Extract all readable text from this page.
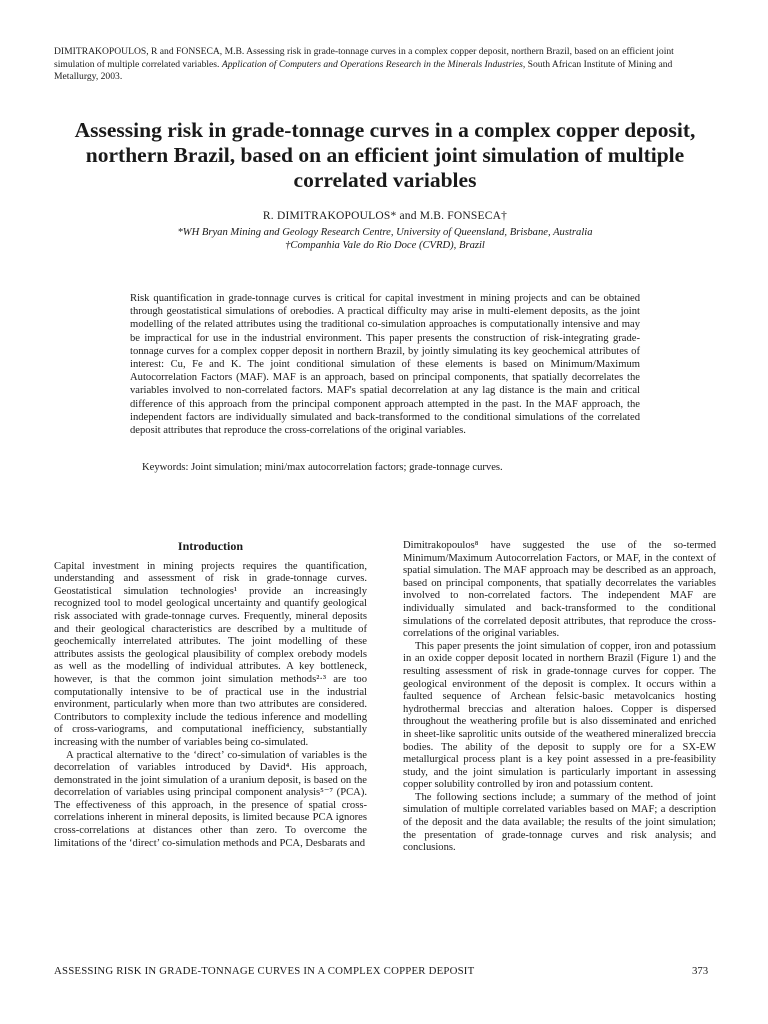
DIMITRAKOPOULOS, R and FONSECA, M.B. Assessing risk in grade-tonnage curves in a complex copper deposit, northern Brazil, based on an efficient joint simulation of multiple correlated variables. Application of Computers and Operations Research in the Minerals Industries, South African Institute of Mining and Metallurgy, 2003.
Assessing risk in grade-tonnage curves in a complex copper deposit, northern Brazil, based on an efficient joint simulation of multiple correlated variables
R. DIMITRAKOPOULOS* and M.B. FONSECA†
*WH Bryan Mining and Geology Research Centre, University of Queensland, Brisbane, Australia
†Companhia Vale do Rio Doce (CVRD), Brazil

Risk quantification in grade-tonnage curves is critical for capital investment in mining projects and can be obtained through geostatistical simulations of orebodies. A practical difficulty may arise in multi-element deposits, as the joint modelling of the related attributes using the traditional co-simulation approaches is computationally intensive and may be impractical for use in the industrial environment. This paper presents the construction of risk-integrating grade-tonnage curves for a complex copper deposit in northern Brazil, by jointly simulating its key geochemical attributes of interest: Cu, Fe and K. The joint conditional simulation of these elements is based on Minimum/Maximum Autocorrelation Factors (MAF). MAF is an approach, based on principal components, that spatially decorrelates the variables involved to non-correlated factors. MAF's spatial decorrelation at any lag distance is the main and critical difference of this approach from the principal component approach attempted in the past. In the MAF approach, the independent factors are individually simulated and back-transformed to the conditional simulations of the correlated deposit attributes that reproduce the cross-correlations of the original variables.

Keywords: Joint simulation; mini/max autocorrelation factors; grade-tonnage curves.

Introduction

Capital investment in mining projects requires the quantification, understanding and assessment of risk in grade-tonnage curves. Geostatistical simulation technologies¹ provide an increasingly recognized tool to model geological uncertainty and quantify geological risk associated with grade-tonnage curves. Frequently, mineral deposits and their geological characteristics are described by a multitude of geochemically interrelated attributes. The joint modelling of these attributes assists the geological plausibility of complex orebody models as well as the modelling of individual attributes. A key bottleneck, however, is that the common joint simulation methods²·³ are too computationally intensive to be of practical use in the industrial environment, particularly when more than two attributes are considered. Contributors to complexity include the tedious inference and modelling of cross-variograms, and computational inefficiency, substantially increasing with the number of variables being co-simulated.

A practical alternative to the ‘direct’ co-simulation of variables is the decorrelation of variables introduced by David⁴. His approach, demonstrated in the joint simulation of a uranium deposit, is based on the decorrelation of variables using principal component analysis⁵⁻⁷ (PCA). The effectiveness of this approach, in the presence of spatial cross-correlations inherent in mineral deposits, is limited because PCA ignores cross-correlations at distances other than zero. To overcome the limitations of the ‘direct’ co-simulation methods and PCA, Desbarats and

Dimitrakopoulos⁸ have suggested the use of the so-termed Minimum/Maximum Autocorrelation Factors, or MAF, in the context of spatial simulation. The MAF approach may be described as an approach, based on principal components, that spatially decorrelates the variables involved to non-correlated factors. The independent MAF are individually simulated and back-transformed to the conditional simulations of the correlated deposit attributes, that reproduce the cross-correlations of the original variables.

This paper presents the joint simulation of copper, iron and potassium in an oxide copper deposit located in northern Brazil (Figure 1) and the resulting assessment of risk in grade-tonnage curves for copper. The geological environment of the deposit is complex. It occurs within a faulted sequence of Archean felsic-basic metavolcanics hosting hydrothermal breccias and alteration haloes. Copper is dispersed throughout the weathering profile but is also disseminated and enriched in sheet-like saprolitic units outside of the weathered mineralized breccia bodies. The ability of the deposit to supply ore for a SX-EW metallurgical process plant is a key point assessed in a pre-feasibility study, and the joint simulation is particularly important in assessing copper solubility controlled by iron and potassium content.

The following sections include; a summary of the method of joint simulation of multiple correlated variables based on MAF; a description of the deposit and the data available; the results of the joint simulation; the presentation of grade-tonnage curves and risk analysis; and conclusions.

ASSESSING RISK IN GRADE-TONNAGE CURVES IN A COMPLEX COPPER DEPOSIT	373
